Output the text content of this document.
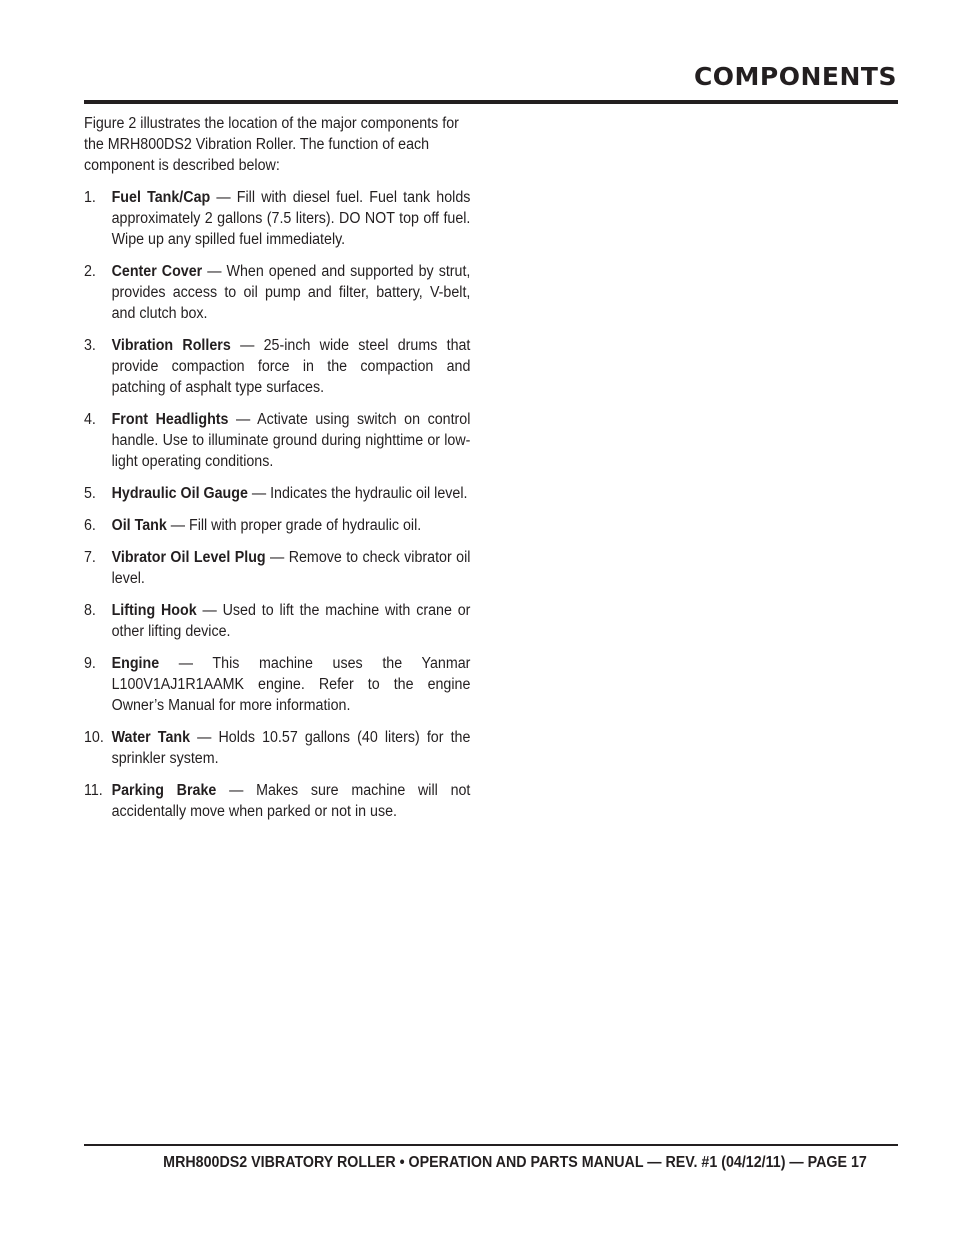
COMPONENTS

Figure 2 illustrates the location of the major components for the MRH800DS2 Vibration Roller. The function of each component is described below:

1.	Fuel Tank/Cap — Fill with diesel fuel. Fuel tank holds approximately 2 gallons (7.5 liters). DO NOT top off fuel. Wipe up any spilled fuel immediately.
2.	Center Cover — When opened and supported by strut, provides access to oil pump and filter, battery, V-belt, and clutch box.
3.	Vibration Rollers — 25-inch wide steel drums that provide compaction force in the compaction and patching of asphalt type surfaces.
4.	Front Headlights — Activate using switch on control handle. Use to illuminate ground during nighttime or low-light operating conditions.
5.	Hydraulic Oil Gauge — Indicates the hydraulic oil level.
6.	Oil Tank — Fill with proper grade of hydraulic oil.
7.	Vibrator Oil Level Plug — Remove to check vibrator oil level.
8.	Lifting Hook — Used to lift the machine with crane or other lifting device.
9.	Engine — This machine uses the Yanmar L100V1AJ1R1AAMK engine. Refer to the engine Owner’s Manual for more information.
10. Water Tank — Holds 10.57 gallons (40 liters) for the sprinkler system.
11. Parking Brake — Makes sure machine will not accidentally move when parked or not in use.

MRH800DS2 VIBRATORY ROLLER • OPERATION AND PARTS MANUAL — REV. #1 (04/12/11) — PAGE 17
